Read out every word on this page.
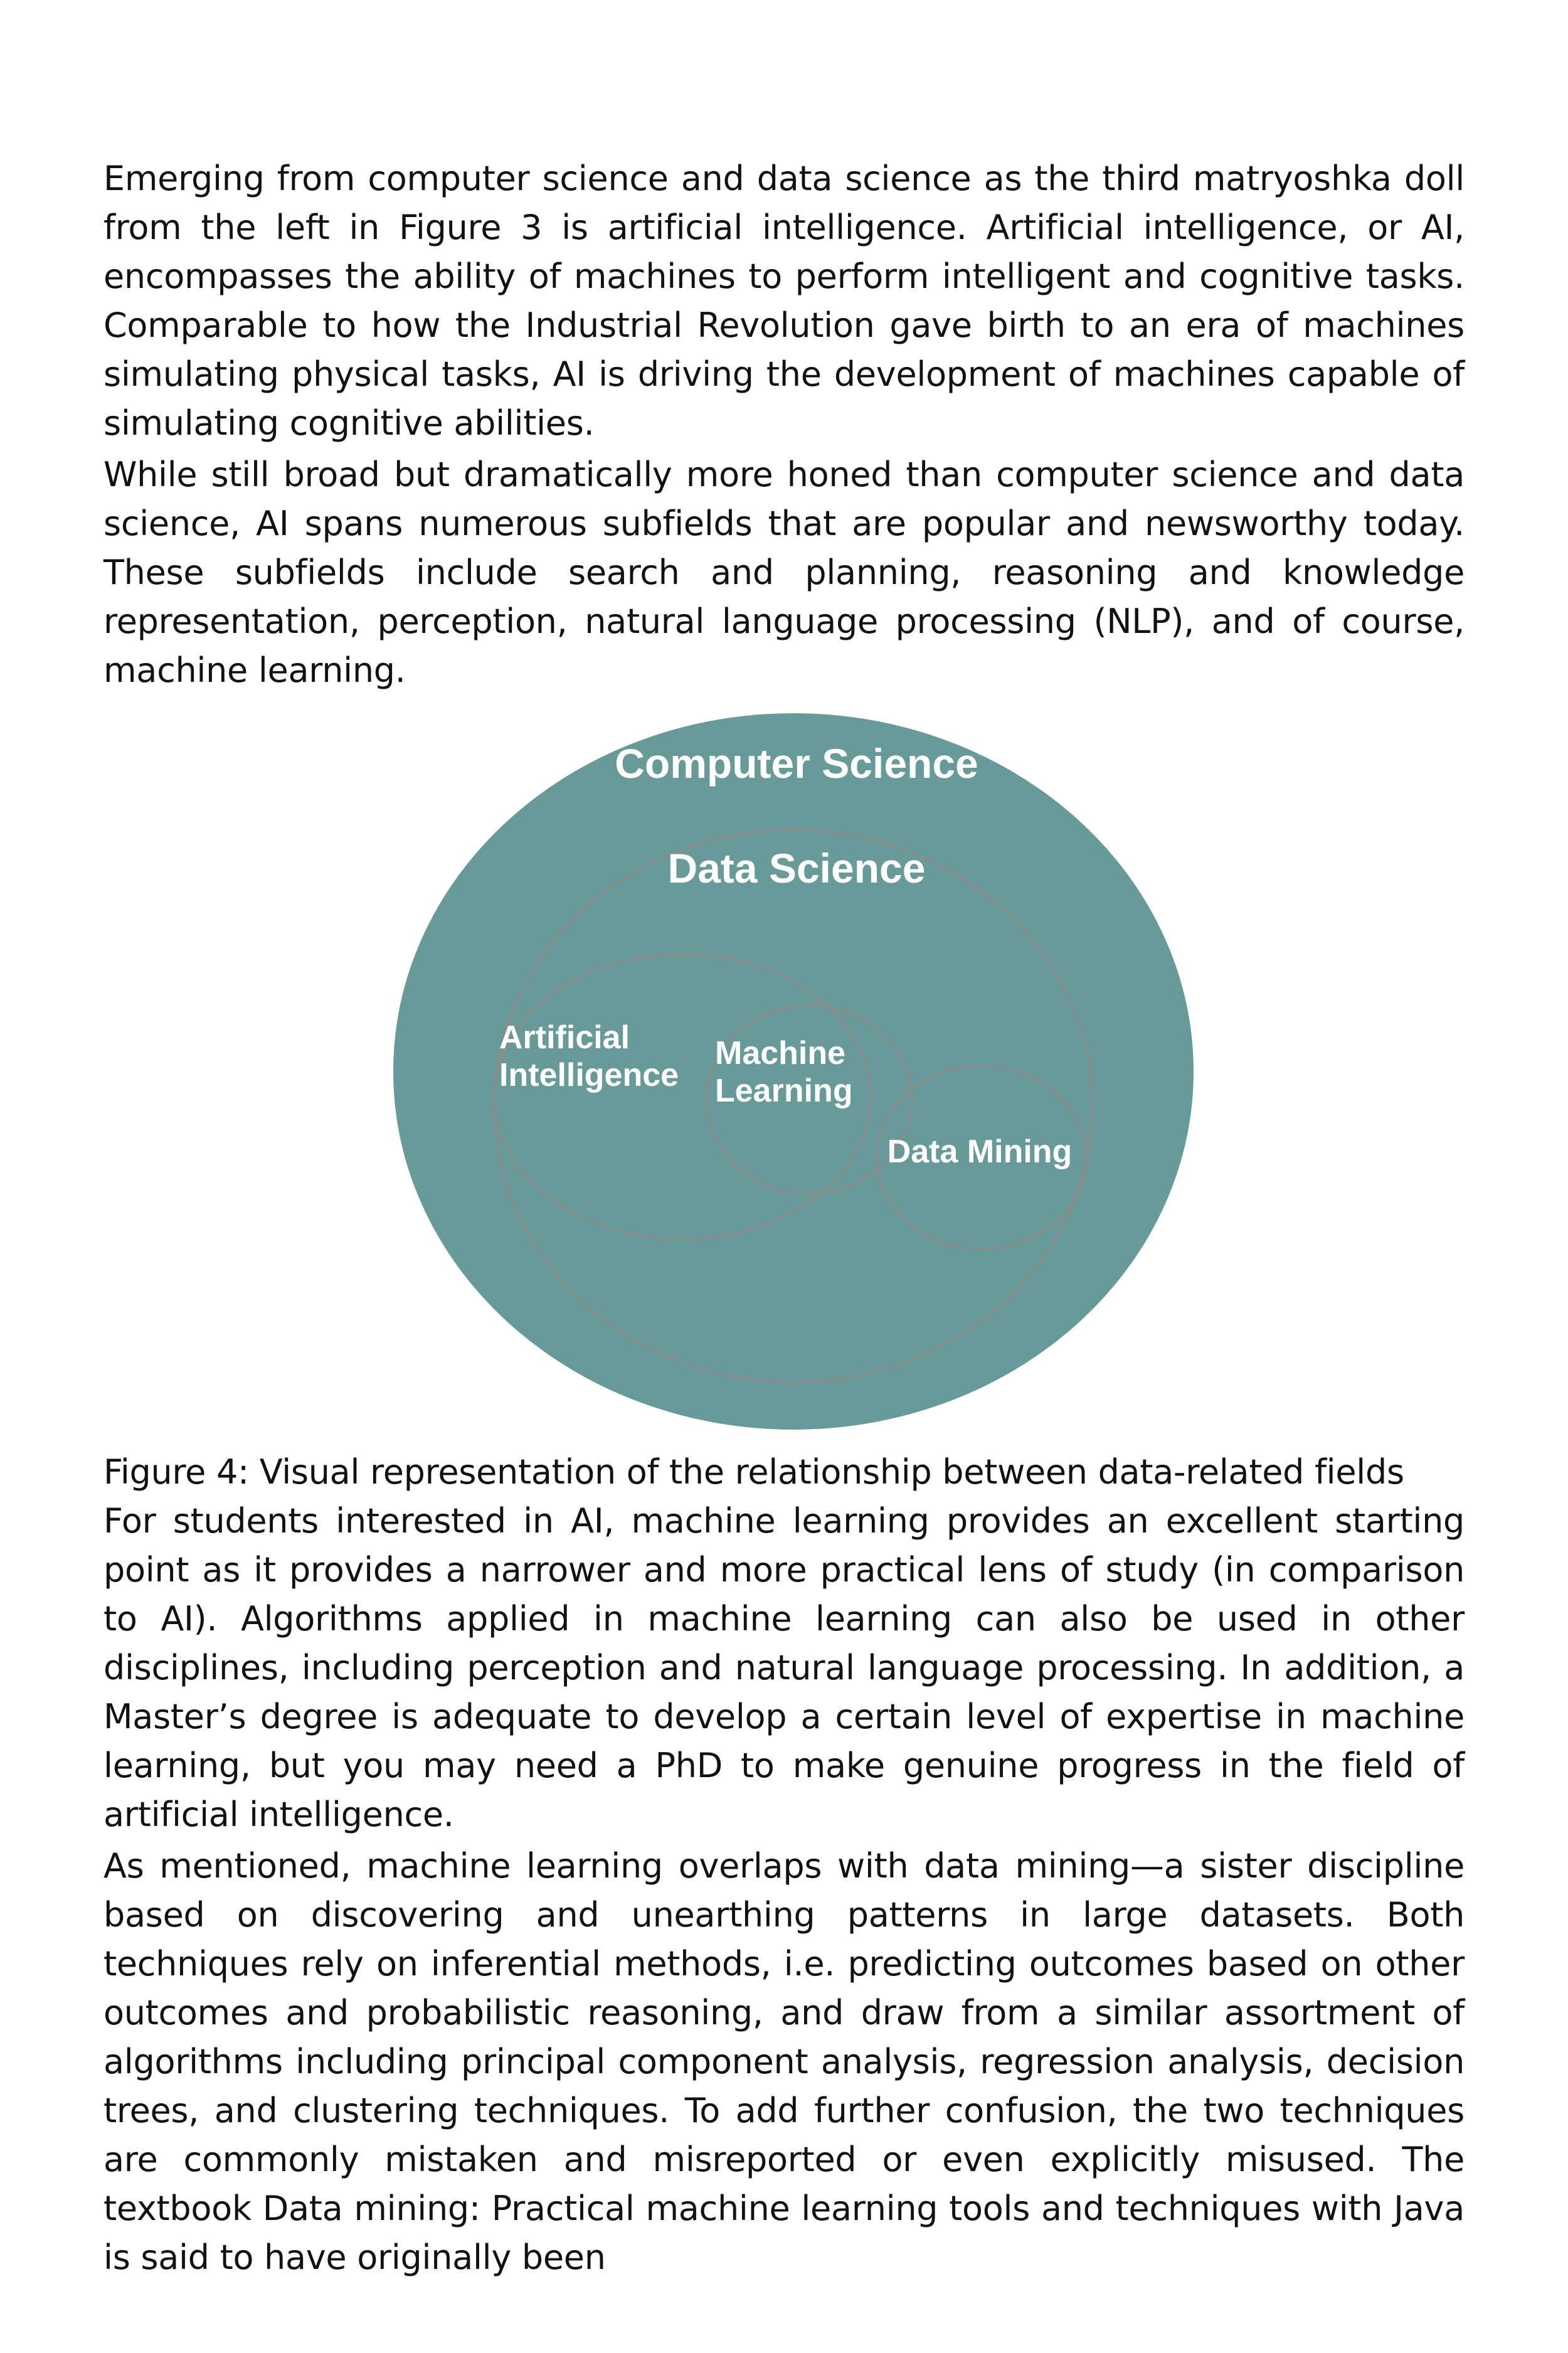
Emerging from computer science and data science as the third matryoshka doll from the left in Figure 3 is artificial intelligence. Artificial intelligence, or AI, encompasses the ability of machines to perform intelligent and cognitive tasks. Comparable to how the Industrial Revolution gave birth to an era of machines simulating physical tasks, AI is driving the development of machines capable of simulating cognitive abilities.

While still broad but dramatically more honed than computer science and data science, AI spans numerous subfields that are popular and newsworthy today. These subfields include search and planning, reasoning and knowledge representation, perception, natural language processing (NLP), and of course, machine learning.

Computer Science
Data Science
Artificial
Intelligence
Machine
Learning
Data Mining

Figure 4: Visual representation of the relationship between data-related fields

For students interested in AI, machine learning provides an excellent starting point as it provides a narrower and more practical lens of study (in comparison to AI). Algorithms applied in machine learning can also be used in other disciplines, including perception and natural language processing. In addition, a Master’s degree is adequate to develop a certain level of expertise in machine learning, but you may need a PhD to make genuine progress in the field of artificial intelligence.

As mentioned, machine learning overlaps with data mining—a sister discipline based on discovering and unearthing patterns in large datasets. Both techniques rely on inferential methods, i.e. predicting outcomes based on other outcomes and probabilistic reasoning, and draw from a similar assortment of algorithms including principal component analysis, regression analysis, decision trees, and clustering techniques. To add further confusion, the two techniques are commonly mistaken and misreported or even explicitly misused. The textbook Data mining: Practical machine learning tools and techniques with Java is said to have originally been
